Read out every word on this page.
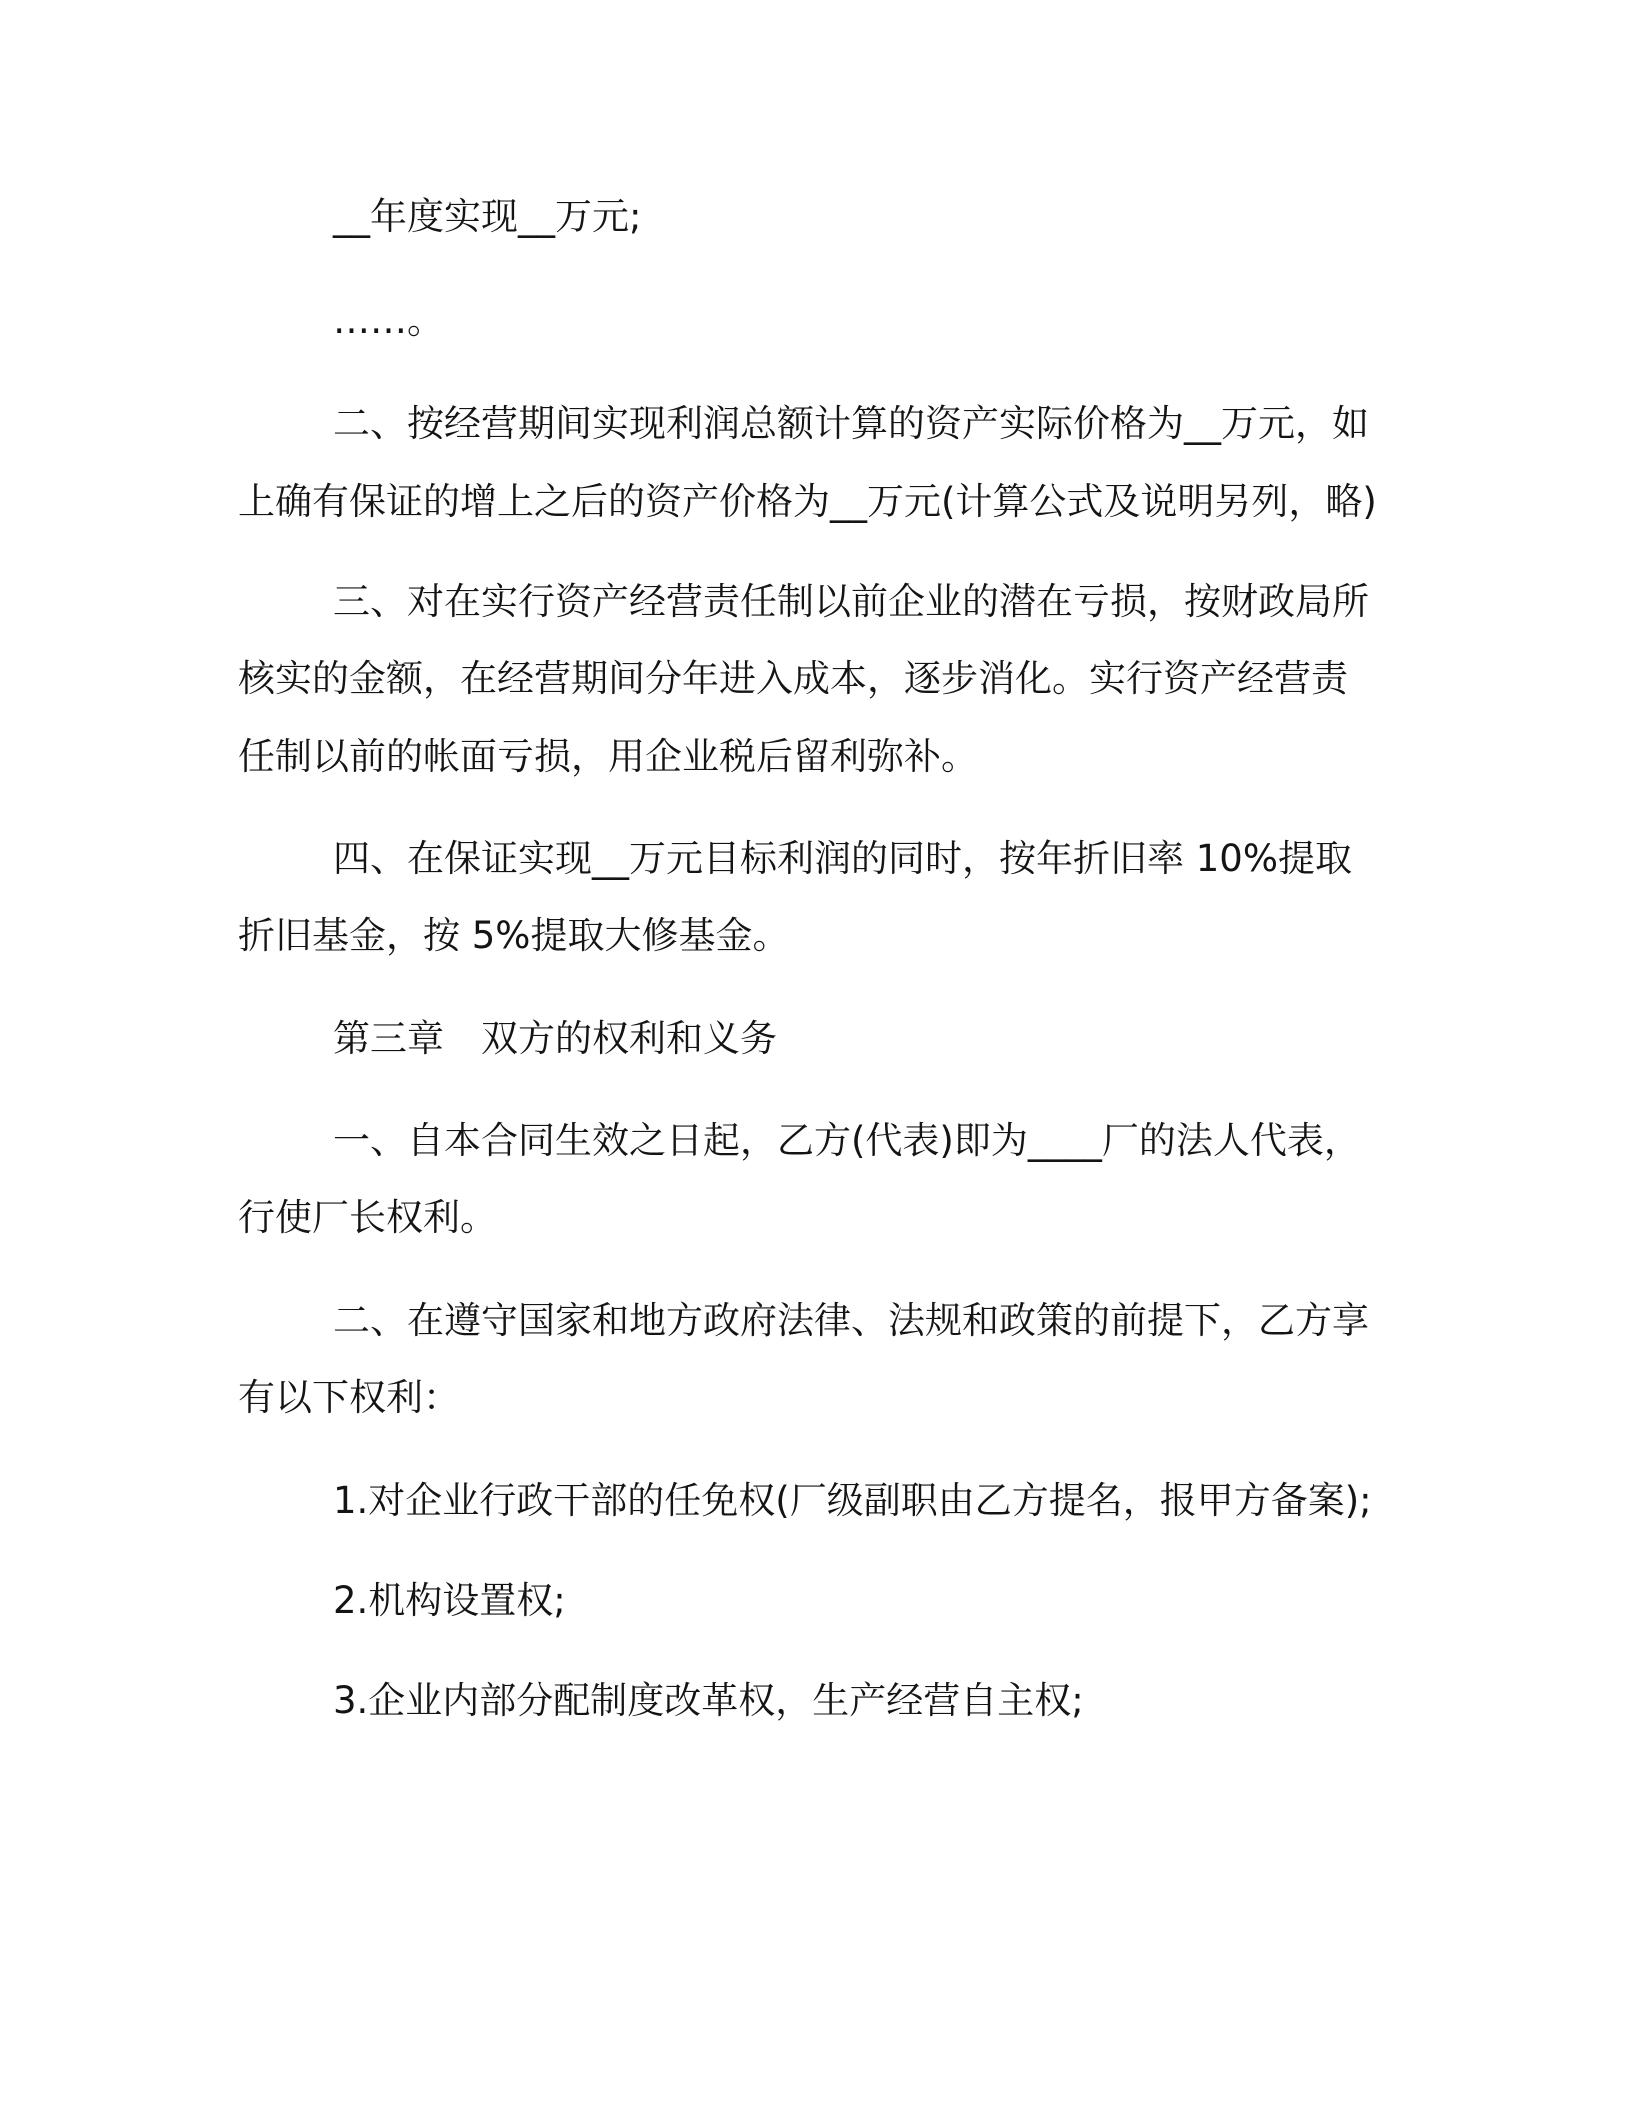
__年度实现__万元;
……。
二、按经营期间实现利润总额计算的资产实际价格为__万元，如
上确有保证的增上之后的资产价格为__万元(计算公式及说明另列，略)
三、对在实行资产经营责任制以前企业的潜在亏损，按财政局所
核实的金额，在经营期间分年进入成本，逐步消化。实行资产经营责
任制以前的帐面亏损，用企业税后留利弥补。
四、在保证实现__万元目标利润的同时，按年折旧率 10%提取
折旧基金，按 5%提取大修基金。
第三章　双方的权利和义务
一、自本合同生效之日起，乙方(代表)即为____厂的法人代表，
行使厂长权利。
二、在遵守国家和地方政府法律、法规和政策的前提下，乙方享
有以下权利：
1.对企业行政干部的任免权(厂级副职由乙方提名，报甲方备案);
2.机构设置权;
3.企业内部分配制度改革权，生产经营自主权;
